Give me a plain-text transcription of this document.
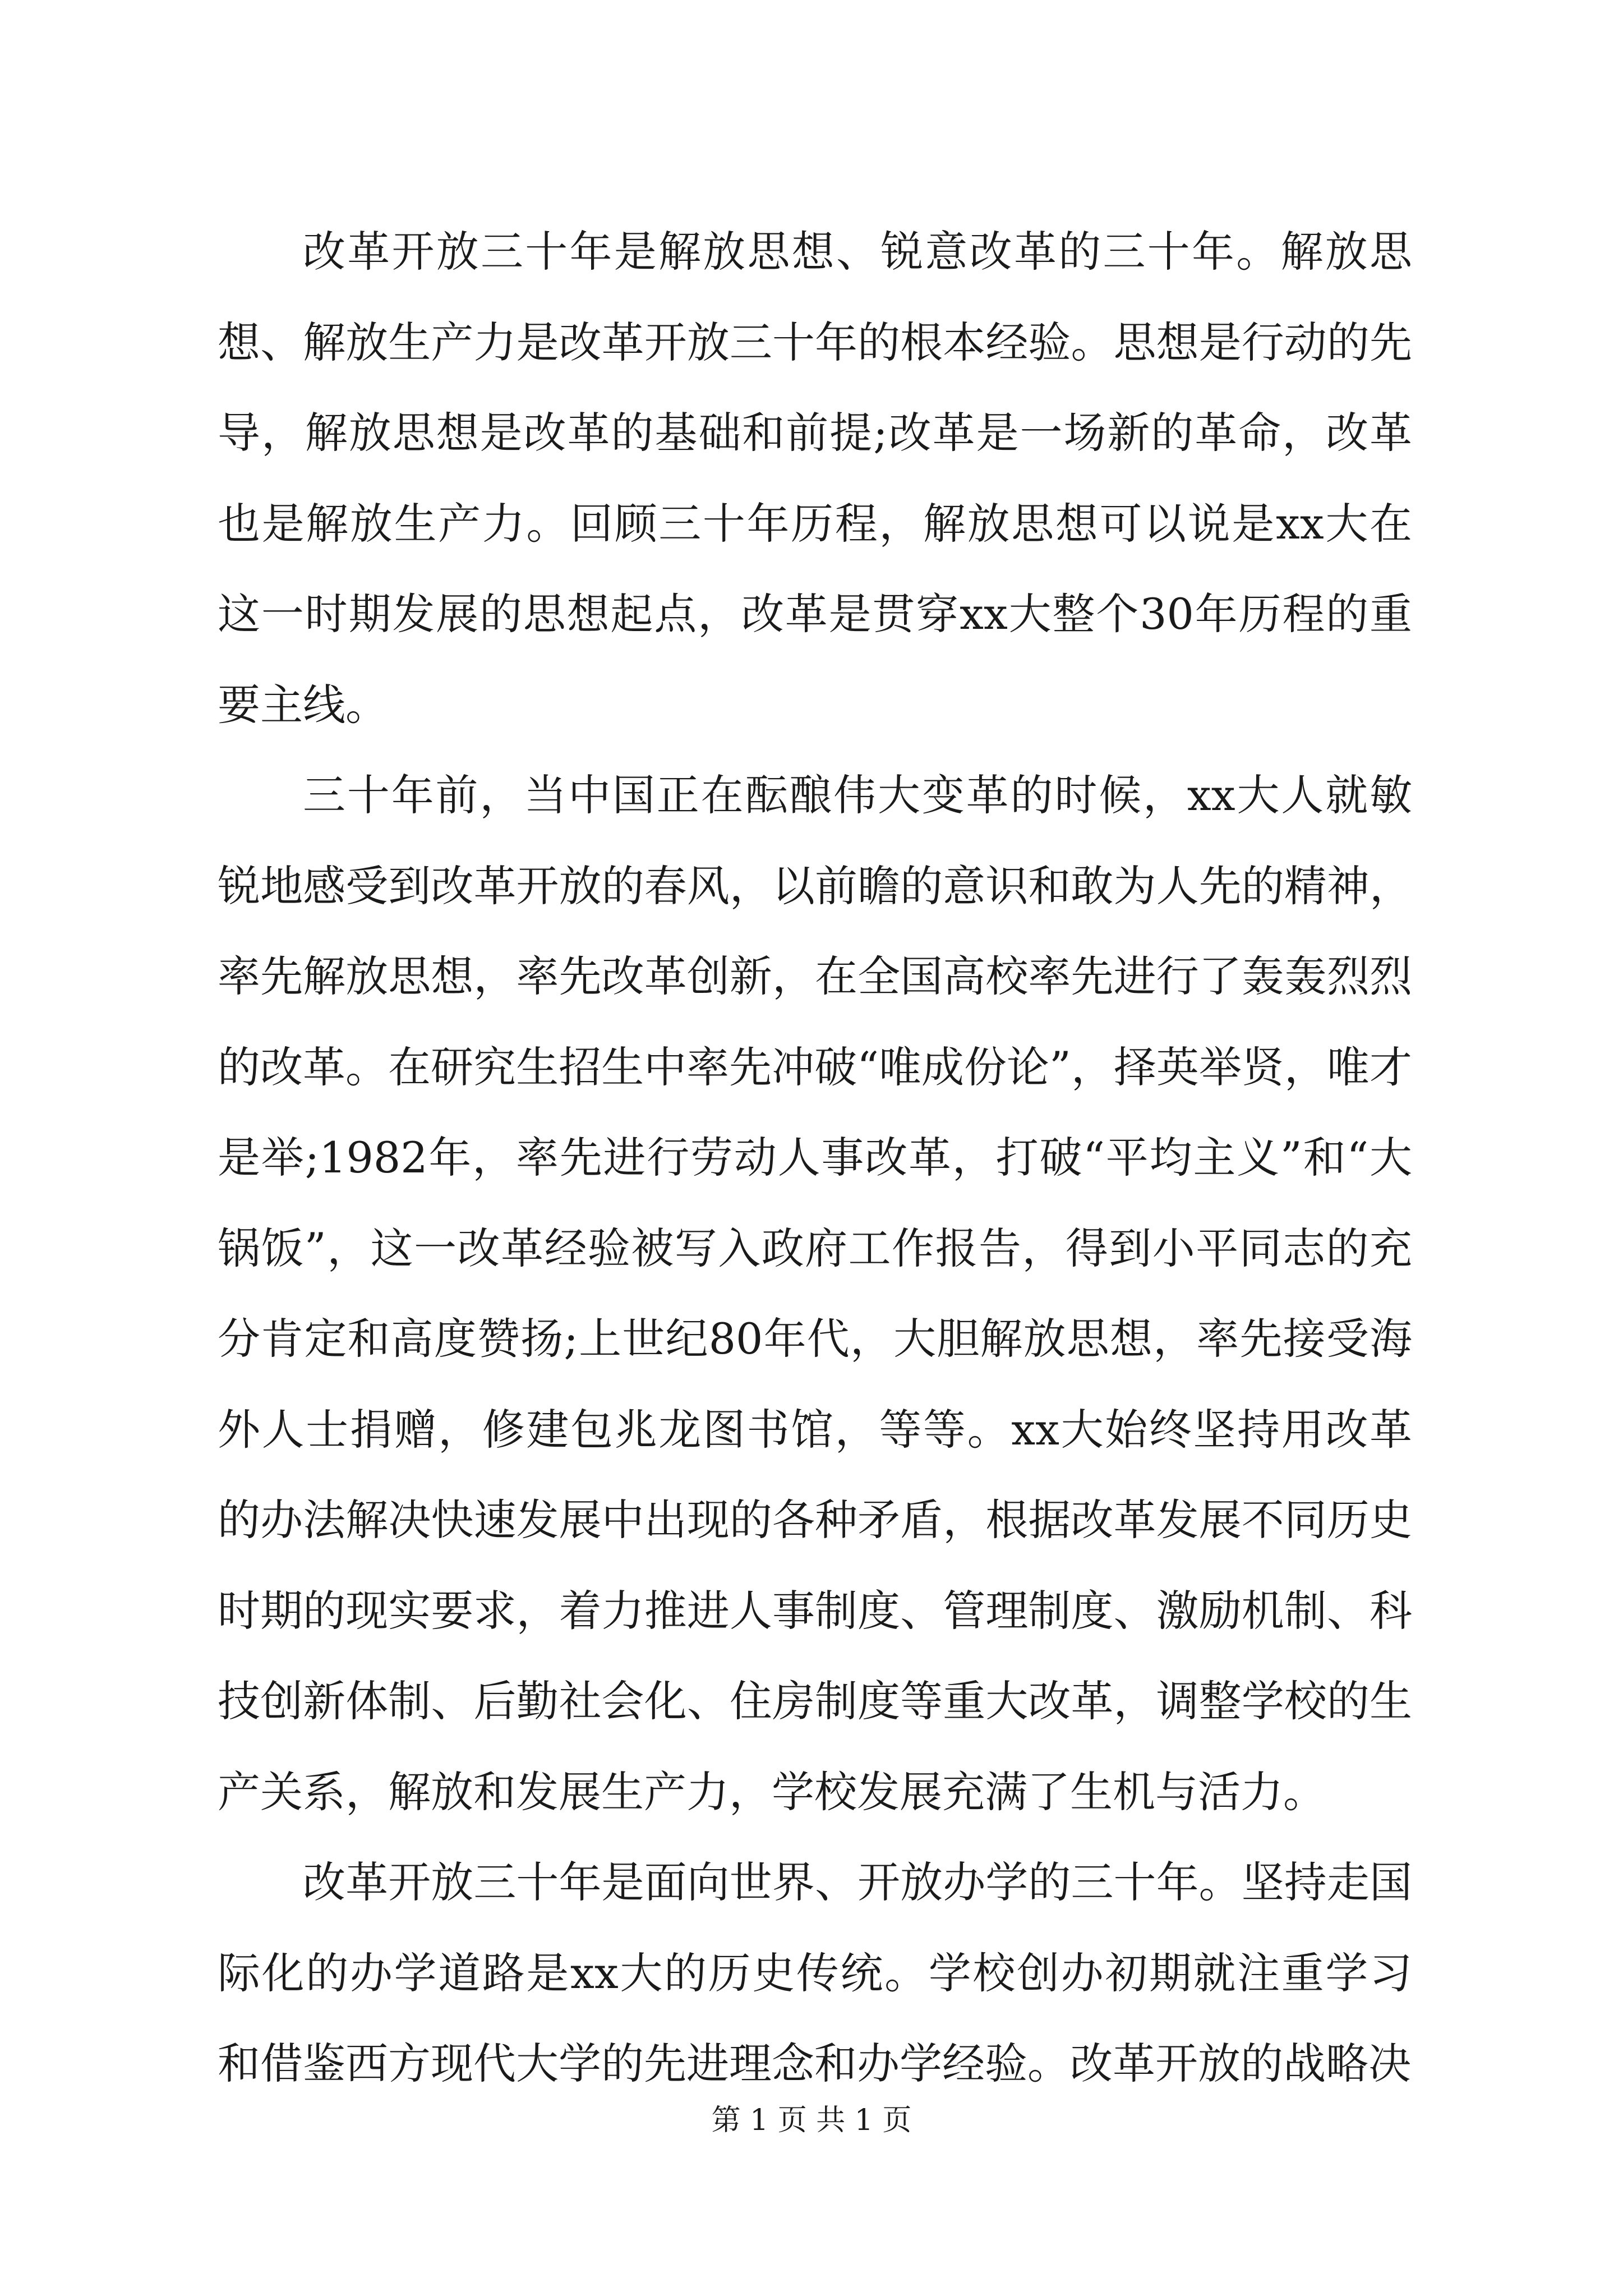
改革开放三十年是解放思想、锐意改革的三十年。解放思想、解放生产力是改革开放三十年的根本经验。思想是行动的先导，解放思想是改革的基础和前提;改革是一场新的革命，改革也是解放生产力。回顾三十年历程，解放思想可以说是xx大在这一时期发展的思想起点，改革是贯穿xx大整个30年历程的重要主线。

三十年前，当中国正在酝酿伟大变革的时候，xx大人就敏锐地感受到改革开放的春风，以前瞻的意识和敢为人先的精神，率先解放思想，率先改革创新，在全国高校率先进行了轰轰烈烈的改革。在研究生招生中率先冲破“唯成份论”，择英举贤，唯才是举;1982年，率先进行劳动人事改革，打破“平均主义”和“大锅饭”，这一改革经验被写入政府工作报告，得到小平同志的充分肯定和高度赞扬;上世纪80年代，大胆解放思想，率先接受海外人士捐赠，修建包兆龙图书馆，等等。xx大始终坚持用改革的办法解决快速发展中出现的各种矛盾，根据改革发展不同历史时期的现实要求，着力推进人事制度、管理制度、激励机制、科技创新体制、后勤社会化、住房制度等重大改革，调整学校的生产关系，解放和发展生产力，学校发展充满了生机与活力。

改革开放三十年是面向世界、开放办学的三十年。坚持走国际化的办学道路是xx大的历史传统。学校创办初期就注重学习和借鉴西方现代大学的先进理念和办学经验。改革开放的战略决

第 1 页 共 1 页
